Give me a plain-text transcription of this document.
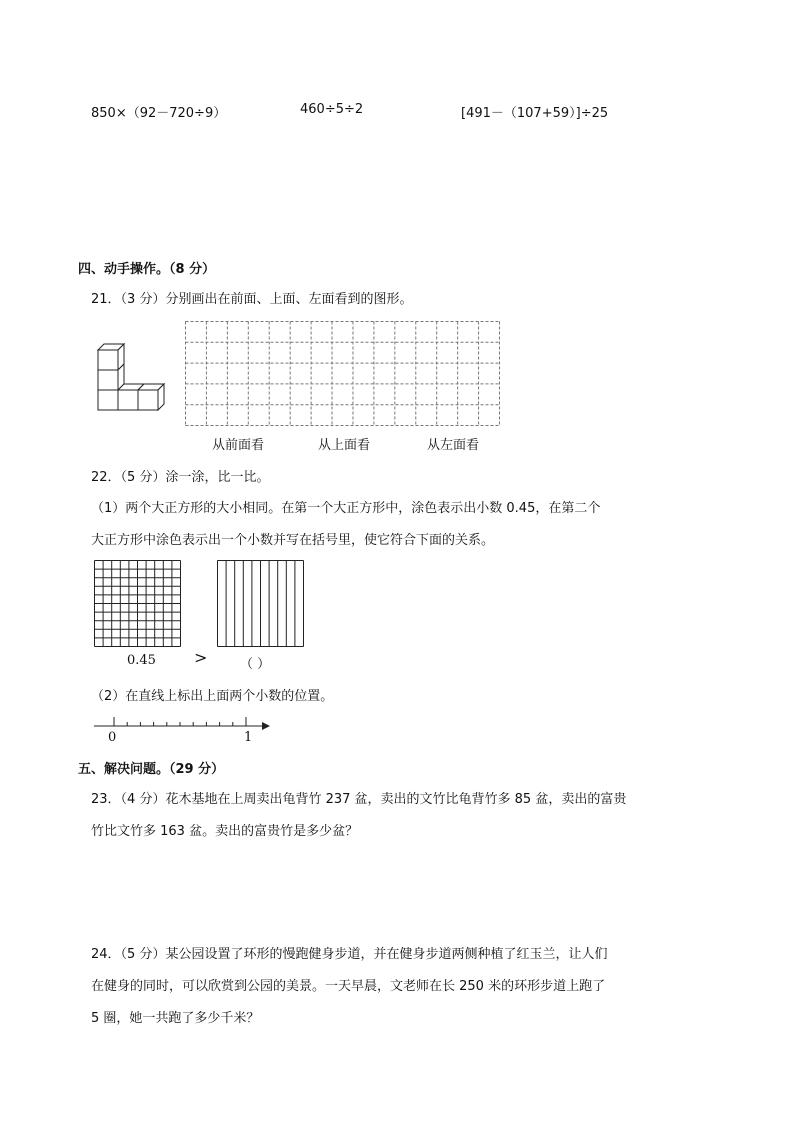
850×（92－720÷9）	460÷5÷2	[491－（107+59）]÷25
四、动手操作。（8 分）
21．（3 分）分别画出在前面、上面、左面看到的图形。
从前面看	从上面看	从左面看
22．（5 分）涂一涂，比一比。
（1）两个大正方形的大小相同。在第一个大正方形中，涂色表示出小数 0.45，在第二个
大正方形中涂色表示出一个小数并写在括号里，使它符合下面的关系。
0.45 >	（ ）
（2）在直线上标出上面两个小数的位置。
0	1
五、解决问题。（29 分）
23．（4 分）花木基地在上周卖出龟背竹 237 盆，卖出的文竹比龟背竹多 85 盆，卖出的富贵
竹比文竹多 163 盆。卖出的富贵竹是多少盆？
24．（5 分）某公园设置了环形的慢跑健身步道，并在健身步道两侧种植了红玉兰，让人们
在健身的同时，可以欣赏到公园的美景。一天早晨，文老师在长 250 米的环形步道上跑了
5 圈，她一共跑了多少千米？
